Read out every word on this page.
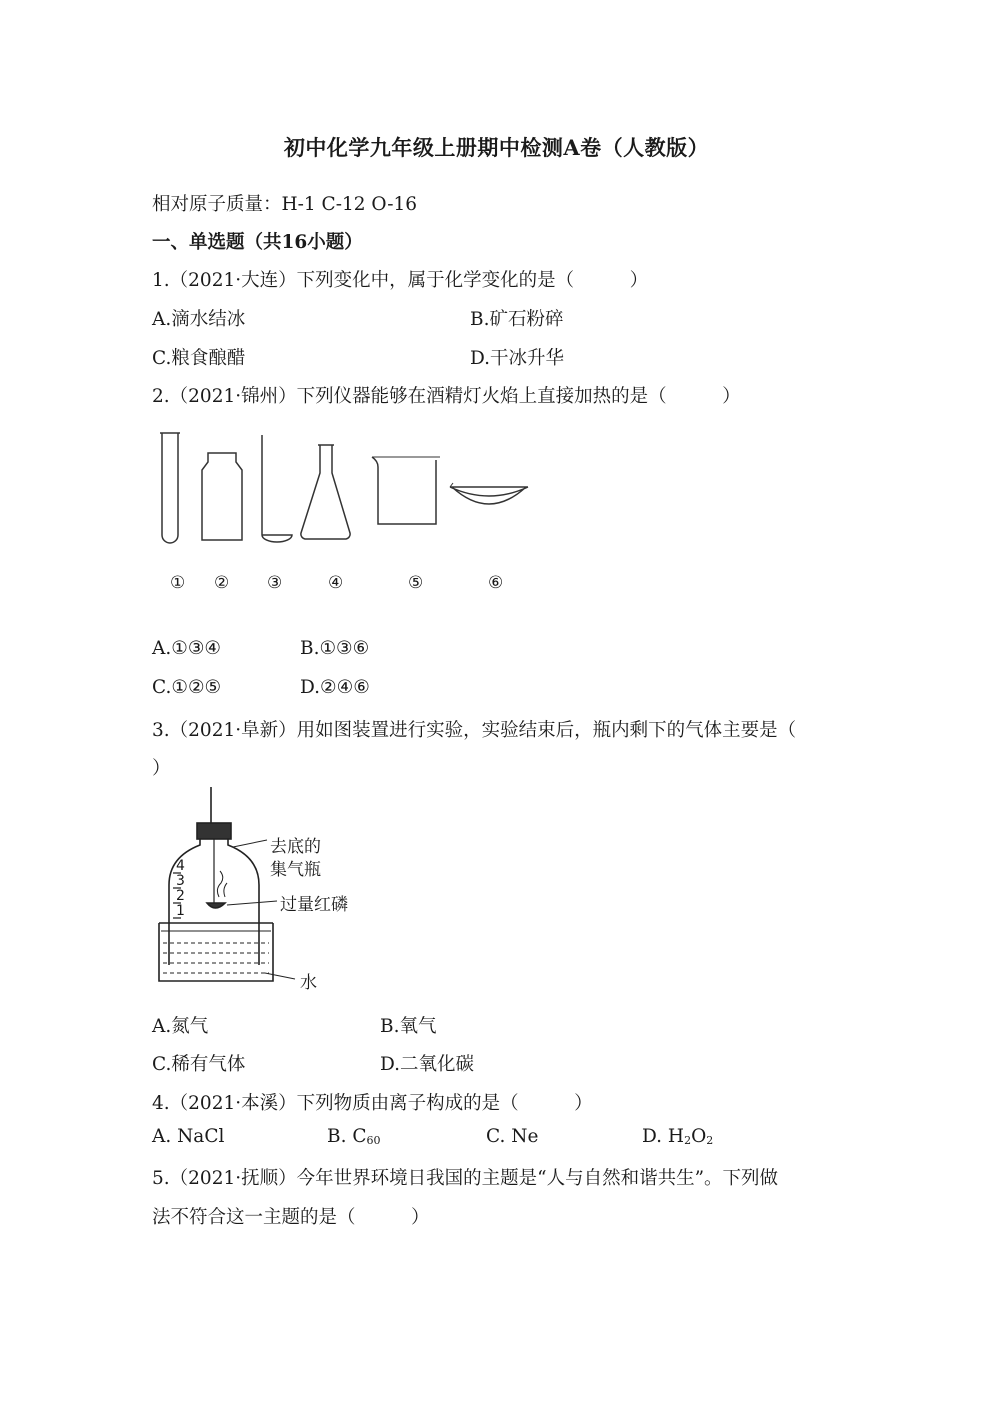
初中化学九年级上册期中检测A卷（人教版）
相对原子质量：H-1 C-12 O-16
一、单选题（共16小题）
1.（2021·大连）下列变化中，属于化学变化的是（　　　）
A.滴水结冰	B.矿石粉碎
C.粮食酿醋	D.干冰升华
2.（2021·锦州）下列仪器能够在酒精灯火焰上直接加热的是（　　　）
① ② ③	④	⑤	⑥
A.①③④	B.①③⑥
C.①②⑤	D.②④⑥
3.（2021·阜新）用如图装置进行实验，实验结束后，瓶内剩下的气体主要是（
）
4
3
2
1
去底的
集气瓶
过量红磷
水
A.氮气	B.氧气
C.稀有气体	D.二氧化碳
4.（2021·本溪）下列物质由离子构成的是（　　　）
A. NaCl	B. $C_{60}$	C. Ne	D. $H_2O_2$
5.（2021·抚顺）今年世界环境日我国的主题是“人与自然和谐共生”。下列做
法不符合这一主题的是（　　　）
